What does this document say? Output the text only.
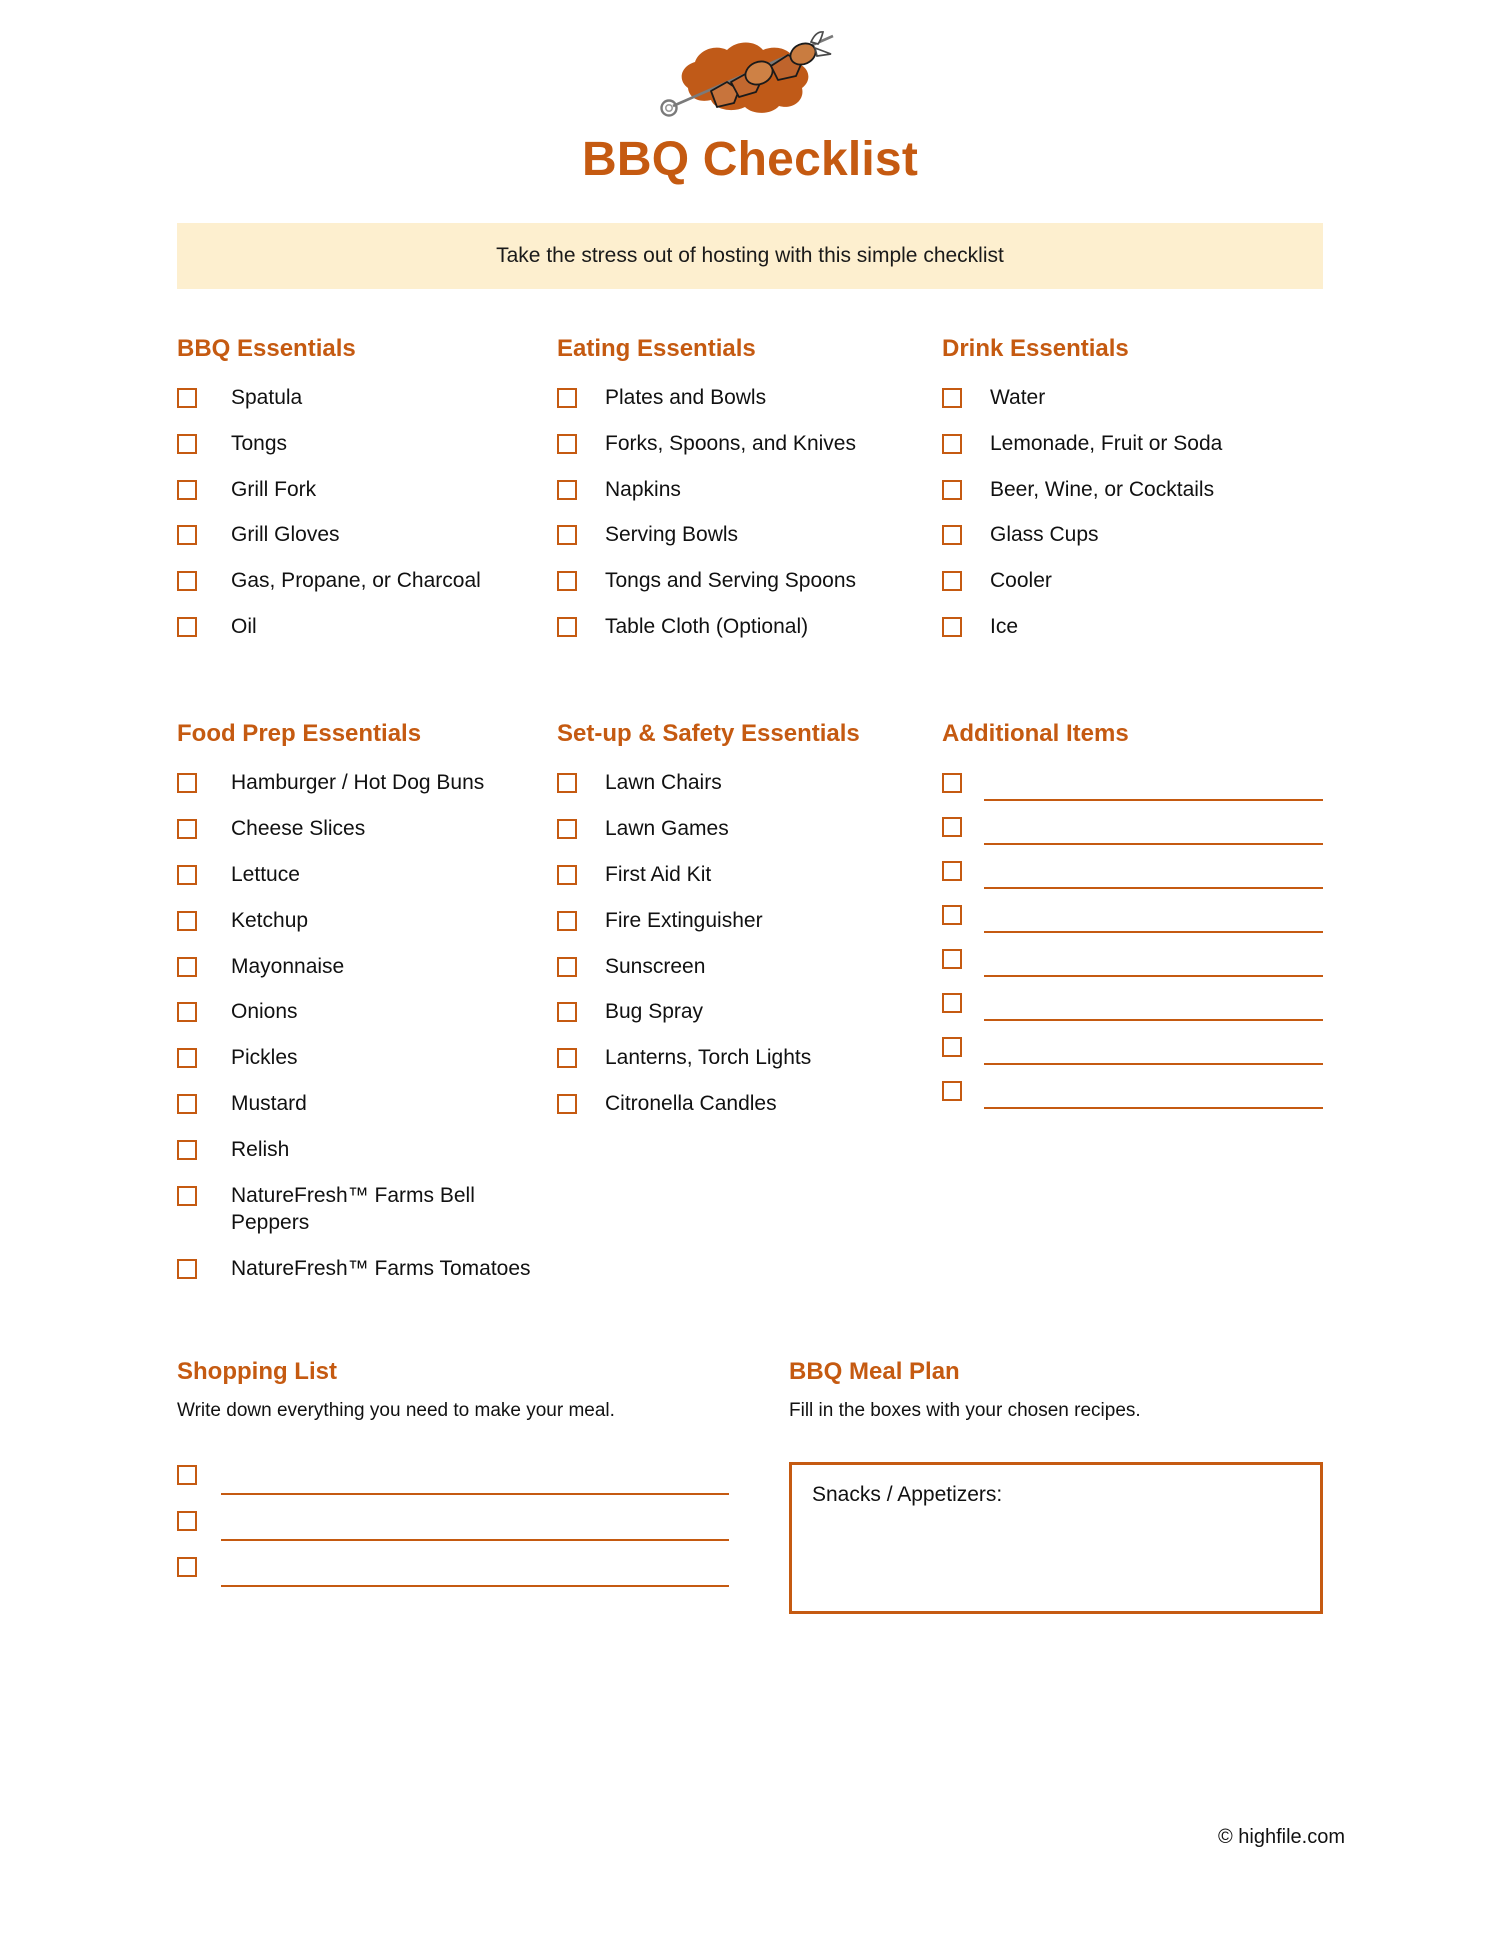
BBQ Checklist
Take the stress out of hosting with this simple checklist
BBQ Essentials
Spatula
Tongs
Grill Fork
Grill Gloves
Gas, Propane, or Charcoal
Oil
Eating Essentials
Plates and Bowls
Forks, Spoons, and Knives
Napkins
Serving Bowls
Tongs and Serving Spoons
Table Cloth (Optional)
Drink Essentials
Water
Lemonade, Fruit or Soda
Beer, Wine, or Cocktails
Glass Cups
Cooler
Ice
Food Prep Essentials
Hamburger / Hot Dog Buns
Cheese Slices
Lettuce
Ketchup
Mayonnaise
Onions
Pickles
Mustard
Relish
NatureFresh™ Farms Bell Peppers
NatureFresh™ Farms Tomatoes
Set-up & Safety Essentials
Lawn Chairs
Lawn Games
First Aid Kit
Fire Extinguisher
Sunscreen
Bug Spray
Lanterns, Torch Lights
Citronella Candles
Additional Items
Shopping List
Write down everything you need to make your meal.
BBQ Meal Plan
Fill in the boxes with your chosen recipes.
Snacks / Appetizers:
© highfile.com
